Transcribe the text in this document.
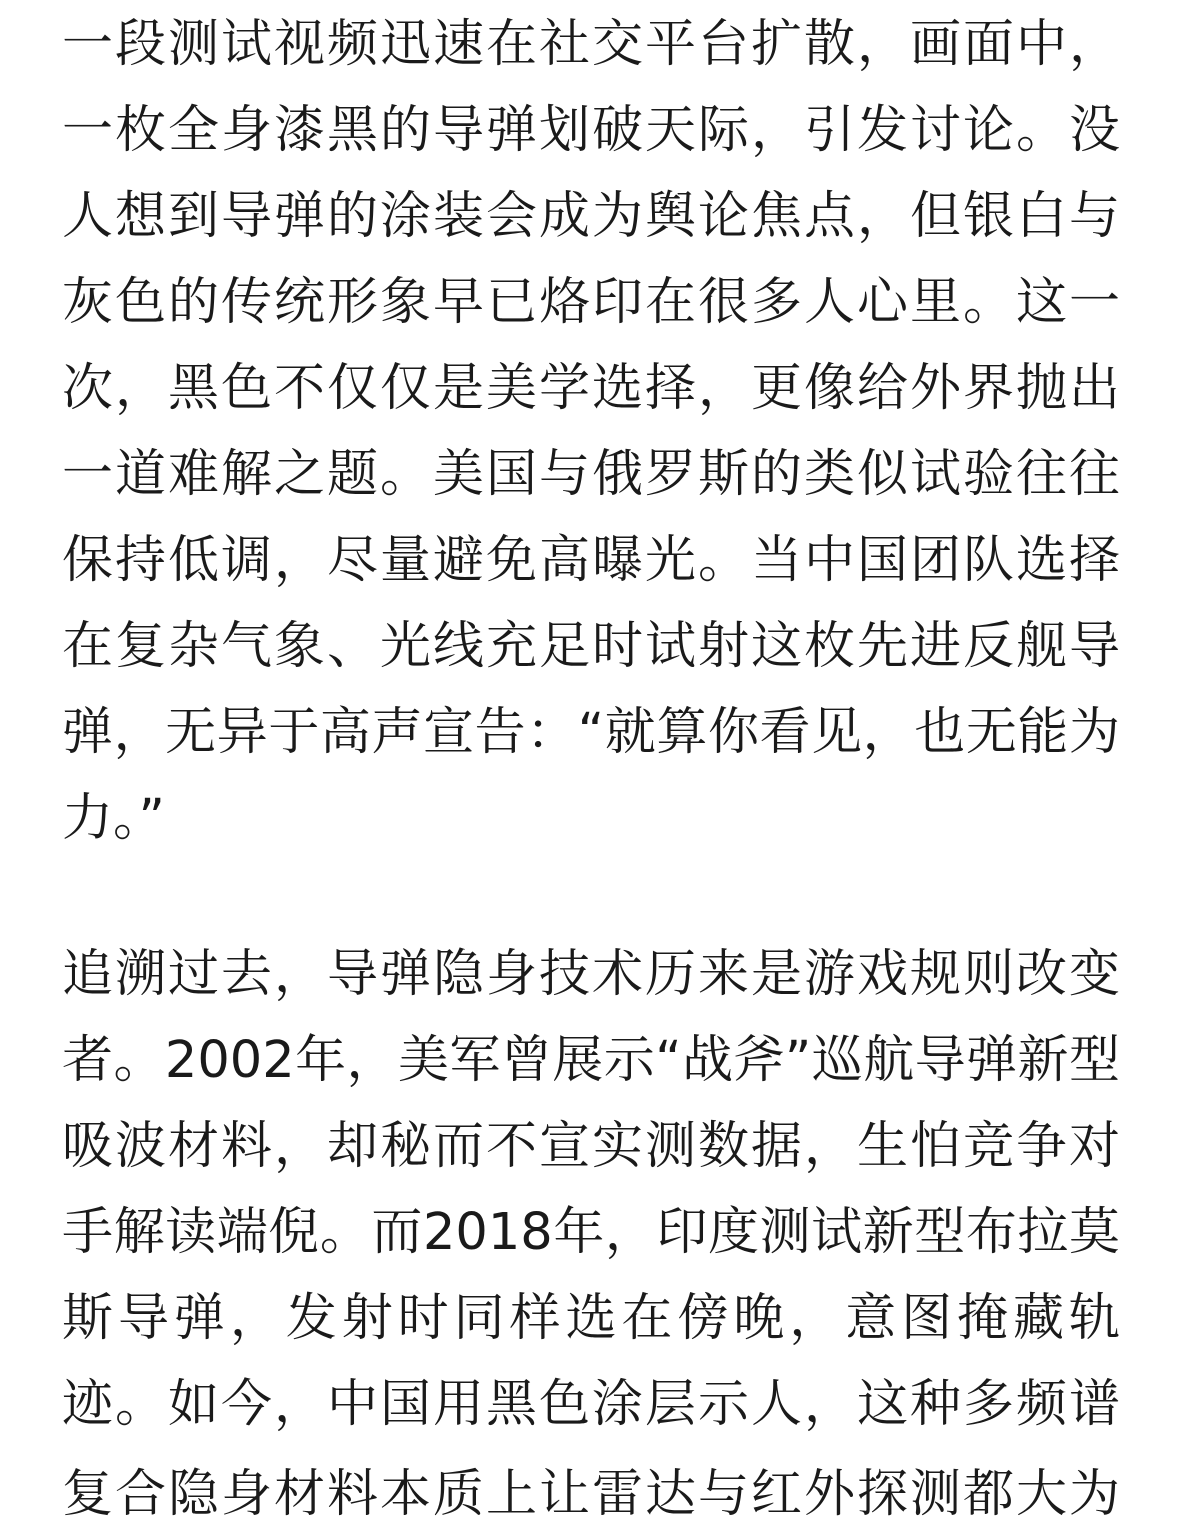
一段测试视频迅速在社交平台扩散，画面中，
一枚全身漆黑的导弹划破天际，引发讨论。没
人想到导弹的涂装会成为舆论焦点，但银白与
灰色的传统形象早已烙印在很多人心里。这一
次，黑色不仅仅是美学选择，更像给外界抛出
一道难解之题。美国与俄罗斯的类似试验往往
保持低调，尽量避免高曝光。当中国团队选择
在复杂气象、光线充足时试射这枚先进反舰导
弹，无异于高声宣告：“就算你看见，也无能为
力。”
追溯过去，导弹隐身技术历来是游戏规则改变
者。2002年，美军曾展示“战斧”巡航导弹新型
吸波材料，却秘而不宣实测数据，生怕竞争对
手解读端倪。而2018年，印度测试新型布拉莫
斯导弹，发射时同样选在傍晚，意图掩藏轨
迹。如今，中国用黑色涂层示人，这种多频谱
复合隐身材料本质上让雷达与红外探测都大为
